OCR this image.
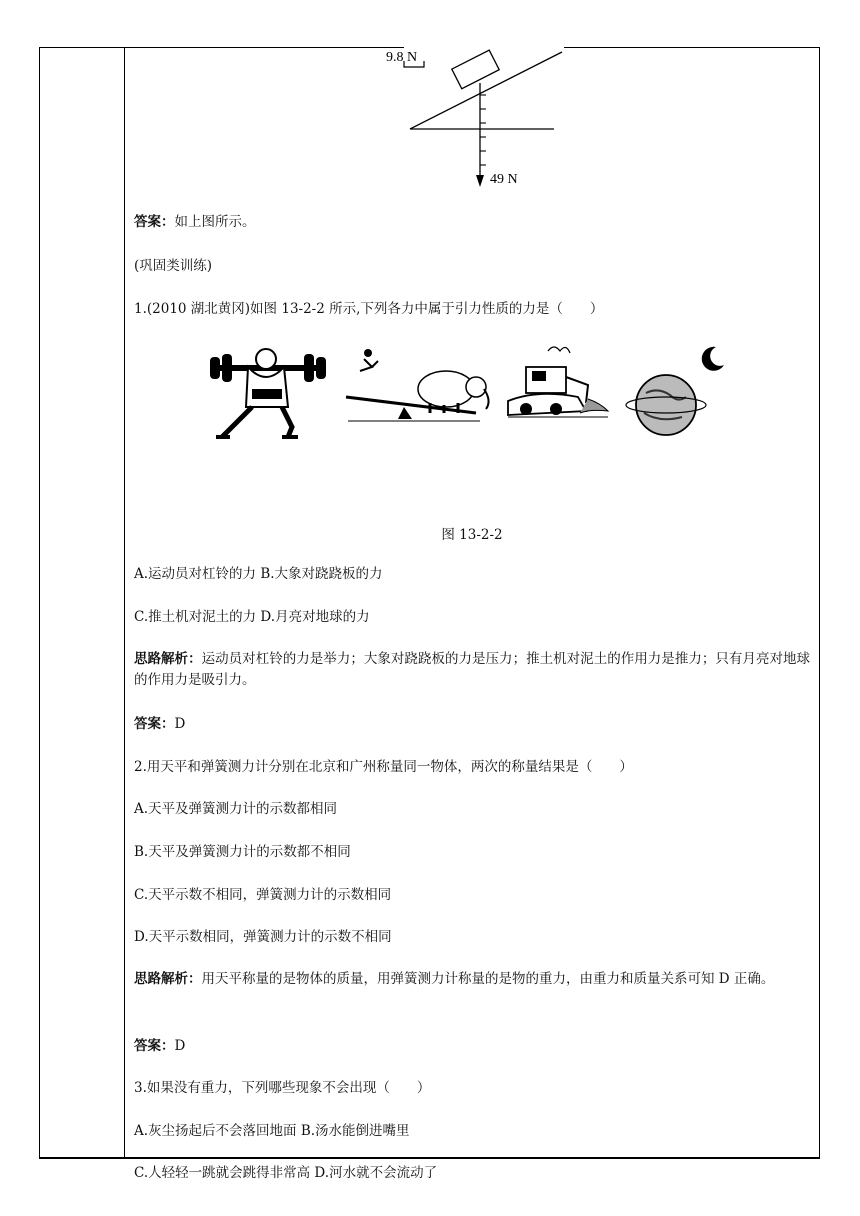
9.8 N
49 N
答案：如上图所示。
(巩固类训练)
1.(2010 湖北黄冈)如图 13-2-2 所示,下列各力中属于引力性质的力是（　　）
图 13-2-2
A.运动员对杠铃的力 B.大象对跷跷板的力
C.推土机对泥土的力 D.月亮对地球的力
思路解析：运动员对杠铃的力是举力；大象对跷跷板的力是压力；推土机对泥土的作用力是推力；只有月亮对地球的作用力是吸引力。
答案：D
2.用天平和弹簧测力计分别在北京和广州称量同一物体，两次的称量结果是（　　）
A.天平及弹簧测力计的示数都相同
B.天平及弹簧测力计的示数都不相同
C.天平示数不相同，弹簧测力计的示数相同
D.天平示数相同，弹簧测力计的示数不相同
思路解析：用天平称量的是物体的质量，用弹簧测力计称量的是物的重力，由重力和质量关系可知 D 正确。
答案：D
3.如果没有重力，下列哪些现象不会出现（　　）
A.灰尘扬起后不会落回地面 B.汤水能倒进嘴里
C.人轻轻一跳就会跳得非常高 D.河水就不会流动了
